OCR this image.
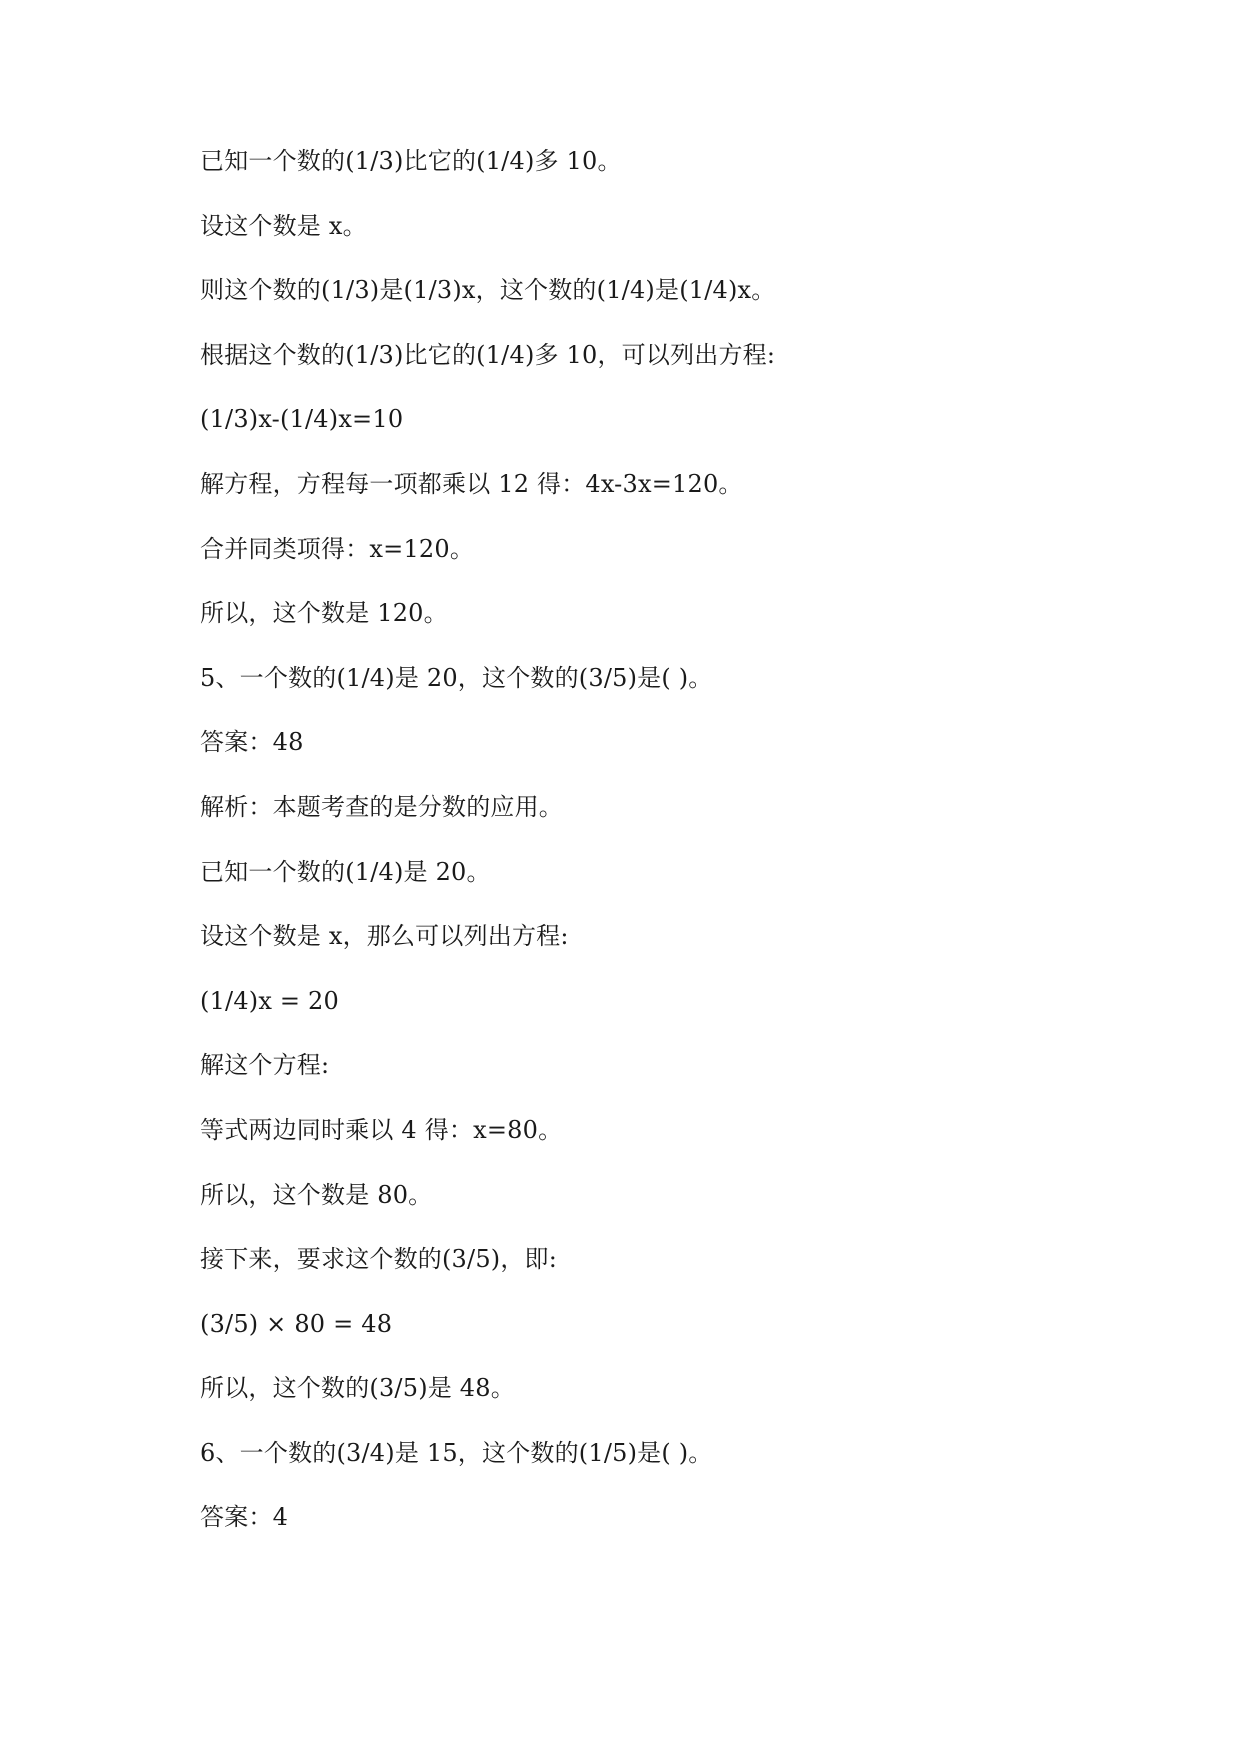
已知一个数的(1/3)比它的(1/4)多 10。
设这个数是 x。
则这个数的(1/3)是(1/3)x，这个数的(1/4)是(1/4)x。
根据这个数的(1/3)比它的(1/4)多 10，可以列出方程:
(1/3)x-(1/4)x=10
解方程，方程每一项都乘以 12 得：4x-3x=120。
合并同类项得：x=120。
所以，这个数是 120。
5、一个数的(1/4)是 20，这个数的(3/5)是( )。
答案：48
解析：本题考查的是分数的应用。
已知一个数的(1/4)是 20。
设这个数是 x，那么可以列出方程:
(1/4)x = 20
解这个方程:
等式两边同时乘以 4 得：x=80。
所以，这个数是 80。
接下来，要求这个数的(3/5)，即:
(3/5) × 80 = 48
所以，这个数的(3/5)是 48。
6、一个数的(3/4)是 15，这个数的(1/5)是( )。
答案：4
